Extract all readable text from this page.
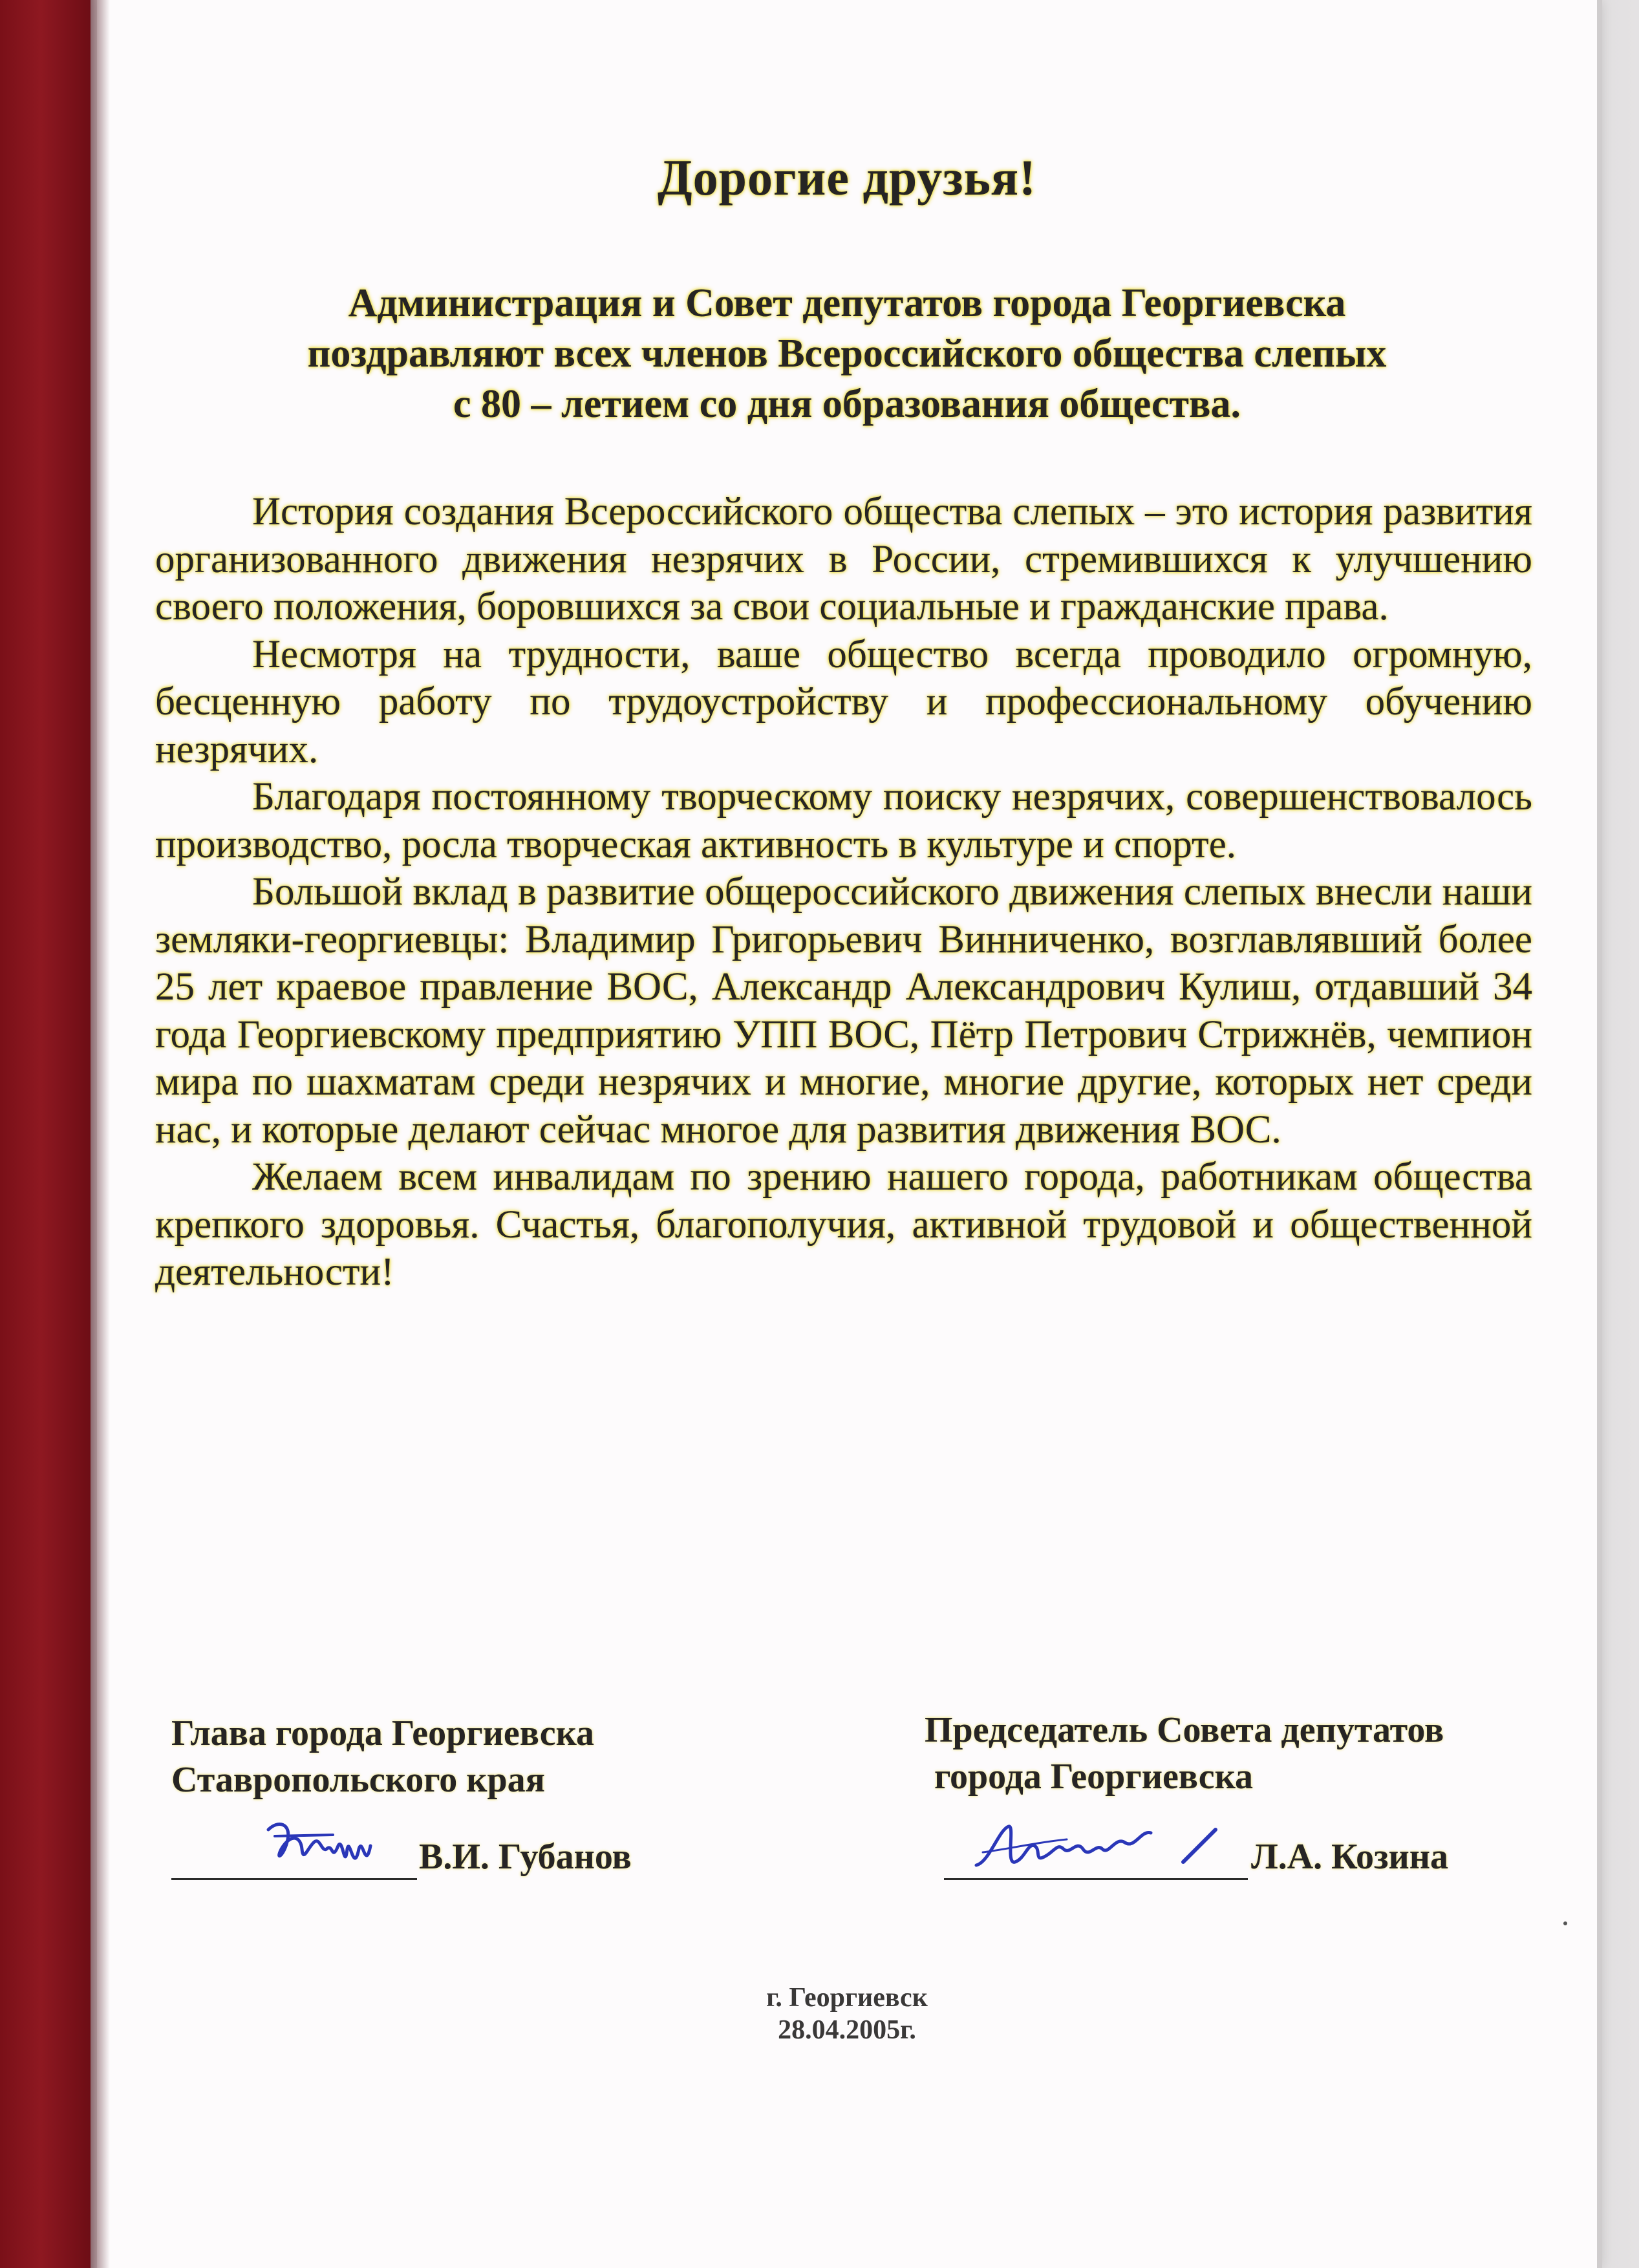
Дорогие друзья!
Администрация и Совет депутатов города Георгиевска
поздравляют всех членов Всероссийского общества слепых
с 80 – летием со дня образования общества.

История создания Всероссийского общества слепых – это история развития организованного движения незрячих в России, стремившихся к улучшению своего положения, боровшихся за свои социальные и гражданские права.

Несмотря на трудности, ваше общество всегда проводило огромную, бесценную работу по трудоустройству и профессиональному обучению незрячих.

Благодаря постоянному творческому поиску незрячих, совершенствовалось производство, росла творческая активность в культуре и спорте.

Большой вклад в развитие общероссийского движения слепых внесли наши земляки-георгиевцы: Владимир Григорьевич Винниченко, возглавлявший более 25 лет краевое правление ВОС, Александр Александрович Кулиш, отдавший 34 года Георгиевскому предприятию УПП ВОС, Пётр Петрович Стрижнёв, чемпион мира по шахматам среди незрячих и многие, многие другие, которых нет среди нас, и которые делают сейчас многое для развития движения ВОС.

Желаем всем инвалидам по зрению нашего города, работникам общества крепкого здоровья. Счастья, благополучия, активной трудовой и общественной деятельности!

Глава города Георгиевска
Ставропольского края
В.И. Губанов
Председатель Совета депутатов
города Георгиевска
Л.А. Козина
г. Георгиевск
28.04.2005г.
